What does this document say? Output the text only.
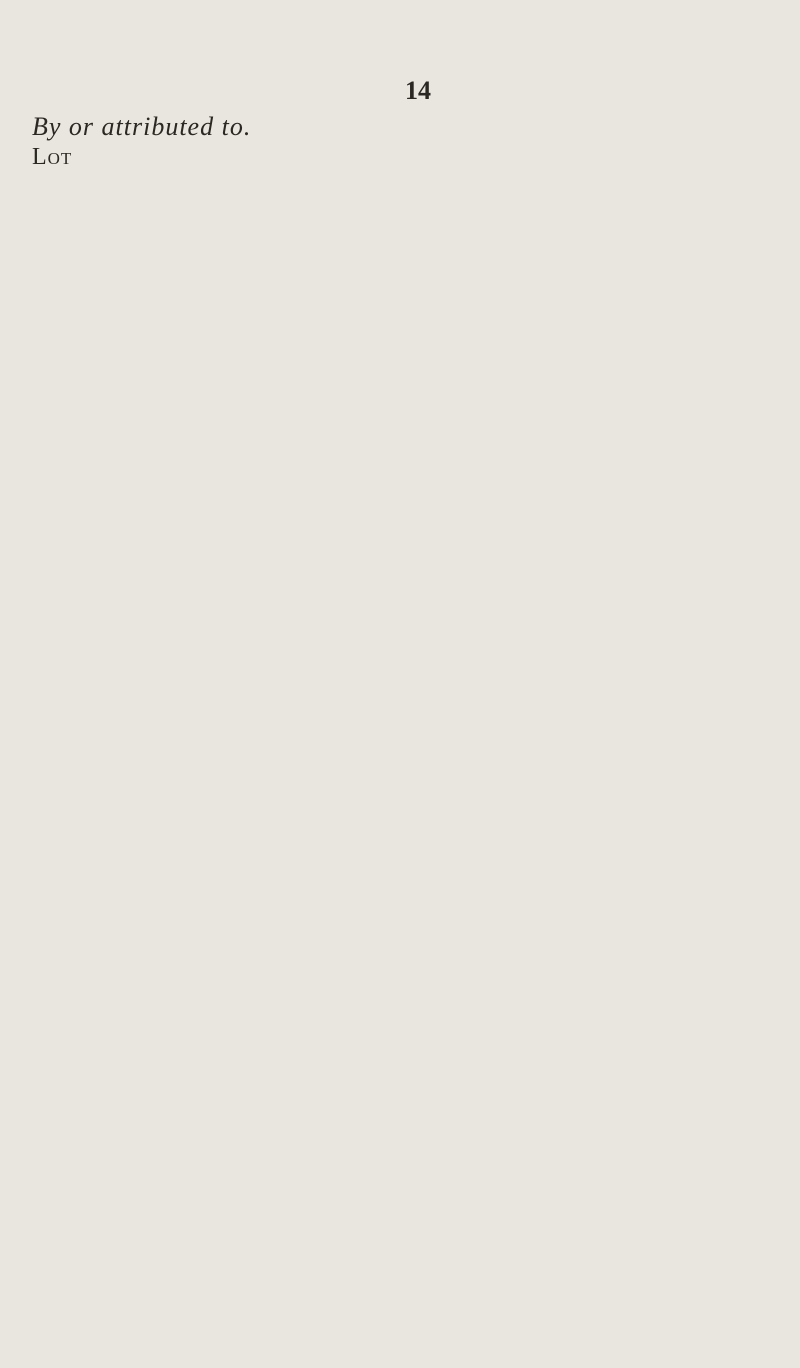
14
By or attributed to.
Lot
